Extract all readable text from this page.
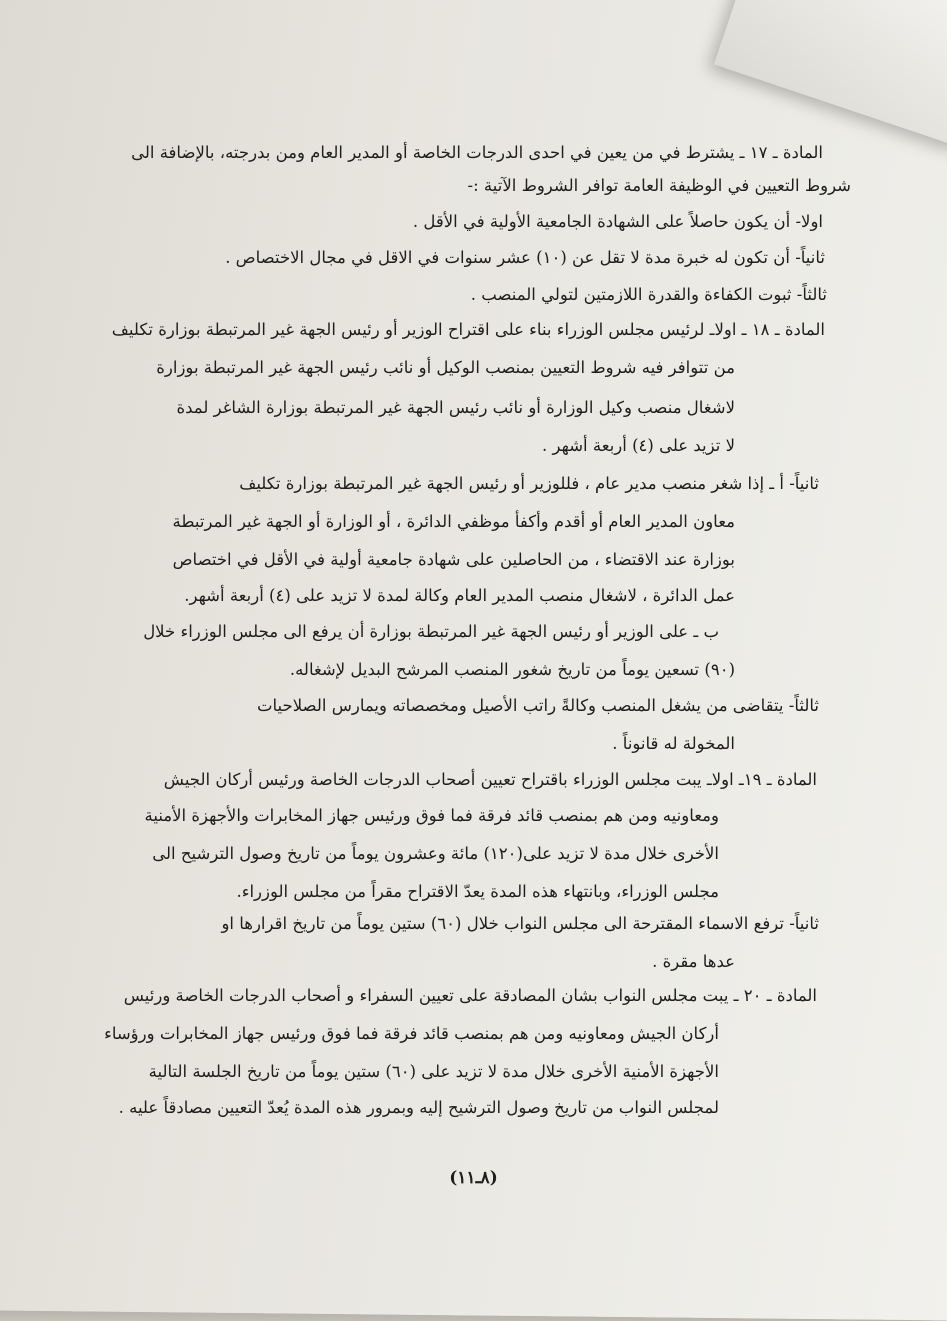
المادة ـ ١٧ ـ يشترط في من يعين في احدى الدرجات الخاصة أو المدير العام ومن بدرجته، بالإضافة الى
شروط التعيين في الوظيفة العامة توافر الشروط الآتية :-
اولا- أن يكون حاصلاً على الشهادة الجامعية الأولية في الأقل .
ثانياً- أن تكون له خبرة مدة لا تقل عن (١٠) عشر سنوات في الاقل في مجال الاختصاص .
ثالثاً- ثبوت الكفاءة والقدرة اللازمتين لتولي المنصب .
المادة ـ ١٨ ـ اولاـ لرئيس مجلس الوزراء بناء على اقتراح الوزير أو رئيس الجهة غير المرتبطة بوزارة تكليف
من تتوافر فيه شروط التعيين بمنصب الوكيل أو نائب رئيس الجهة غير المرتبطة بوزارة
لاشغال منصب وكيل الوزارة أو نائب رئيس الجهة غير المرتبطة بوزارة الشاغر لمدة
لا تزيد على (٤) أربعة أشهر .
ثانياً- أ ـ إذا شغر منصب مدير عام ، فللوزير أو رئيس الجهة غير المرتبطة بوزارة تكليف
معاون المدير العام أو أقدم وأكفأ موظفي الدائرة ، أو الوزارة أو الجهة غير المرتبطة
بوزارة عند الاقتضاء ، من الحاصلين على شهادة جامعية أولية في الأقل في اختصاص
عمل الدائرة ، لاشغال منصب المدير العام وكالة لمدة لا تزيد على (٤) أربعة أشهر.
ب ـ على الوزير أو رئيس الجهة غير المرتبطة بوزارة أن يرفع الى مجلس الوزراء خلال
(٩٠) تسعين يوماً من تاريخ شغور المنصب المرشح البديل لإشغاله.
ثالثاً- يتقاضى من يشغل المنصب وكالةً راتب الأصيل ومخصصاته ويمارس الصلاحيات
المخولة له قانوناً .
المادة ـ ١٩ـ اولاـ يبت مجلس الوزراء باقتراح تعيين أصحاب الدرجات الخاصة ورئيس أركان الجيش
ومعاونيه ومن هم بمنصب قائد فرقة فما فوق ورئيس جهاز المخابرات والأجهزة الأمنية
الأخرى خلال مدة لا تزيد على(١٢٠) مائة وعشرون يوماً من تاريخ وصول الترشيح الى
مجلس الوزراء، وبانتهاء هذه المدة يعدّ الاقتراح مقراً من مجلس الوزراء.
ثانياً- ترفع الاسماء المقترحة الى مجلس النواب خلال (٦٠) ستين يوماً من تاريخ اقرارها او
عدها مقرة .
المادة ـ ٢٠ ـ يبت مجلس النواب بشان المصادقة على تعيين السفراء و أصحاب الدرجات الخاصة ورئيس
أركان الجيش ومعاونيه ومن هم بمنصب قائد فرقة فما فوق ورئيس جهاز المخابرات ورؤساء
الأجهزة الأمنية الأخرى خلال مدة لا تزيد على (٦٠) ستين يوماً من تاريخ الجلسة التالية
لمجلس النواب من تاريخ وصول الترشيح إليه وبمرور هذه المدة يُعدّ التعيين مصادقاً عليه .
(٨ـ١١)
